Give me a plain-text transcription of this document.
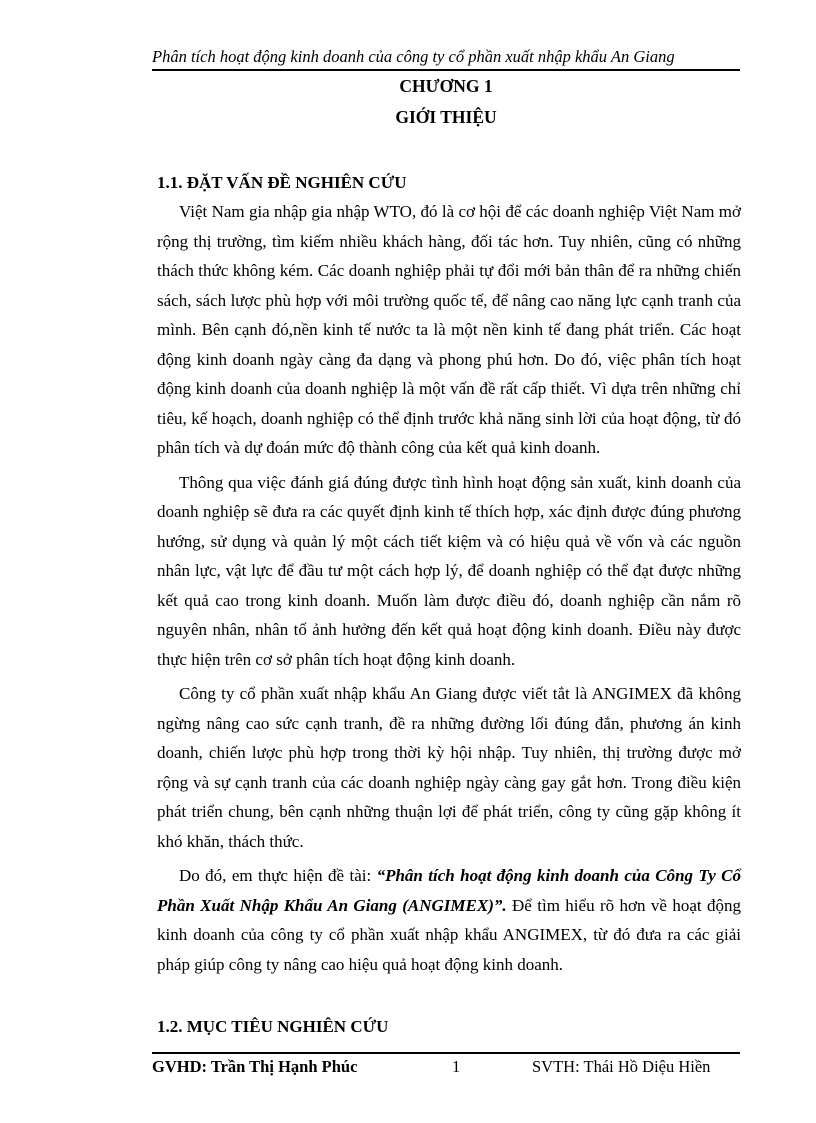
Phân tích hoạt động kinh doanh của công ty cổ phần xuất nhập khẩu An Giang
CHƯƠNG 1
GIỚI THIỆU
1.1. ĐẶT VẤN ĐỀ NGHIÊN CỨU

Việt Nam gia nhập gia nhập WTO, đó là cơ hội để các doanh nghiệp Việt Nam mở rộng thị trường, tìm kiếm nhiều khách hàng, đối tác hơn. Tuy nhiên, cũng có những thách thức không kém. Các doanh nghiệp phải tự đổi mới bản thân để ra những chiến sách, sách lược phù hợp với môi trường quốc tế, để nâng cao năng lực cạnh tranh của mình. Bên cạnh đó,nền kinh tế nước ta là một nền kinh tế đang phát triển. Các hoạt động kinh doanh ngày càng đa dạng và phong phú hơn. Do đó, việc phân tích hoạt động kinh doanh của doanh nghiệp là một vấn đề rất cấp thiết. Vì dựa trên những chỉ tiêu, kế hoạch, doanh nghiệp có thể định trước khả năng sinh lời của hoạt động, từ đó phân tích và dự đoán mức độ thành công của kết quả kinh doanh.

Thông qua việc đánh giá đúng được tình hình hoạt động sản xuất, kinh doanh của doanh nghiệp sẽ đưa ra các quyết định kinh tế thích hợp, xác định được đúng phương hướng, sử dụng và quản lý một cách tiết kiệm và có hiệu quả về vốn và các nguồn nhân lực, vật lực để đầu tư một cách hợp lý, để doanh nghiệp có thể đạt được những kết quả cao trong kinh doanh. Muốn làm được điều đó, doanh nghiệp cần nắm rõ nguyên nhân, nhân tố ảnh hưởng đến kết quả hoạt động kinh doanh. Điều này được thực hiện trên cơ sở phân tích hoạt động kinh doanh.

Công ty cổ phần xuất nhập khẩu An Giang được viết tắt là ANGIMEX đã không ngừng nâng cao sức cạnh tranh, đề ra những đường lối đúng đắn, phương án kinh doanh, chiến lược phù hợp trong thời kỳ hội nhập. Tuy nhiên, thị trường được mở rộng và sự cạnh tranh của các doanh nghiệp ngày càng gay gắt hơn. Trong điều kiện phát triển chung, bên cạnh những thuận lợi để phát triển, công ty cũng gặp không ít khó khăn, thách thức.

Do đó, em thực hiện đề tài: “Phân tích hoạt động kinh doanh của Công Ty Cổ Phần Xuất Nhập Khẩu An Giang (ANGIMEX)”. Để tìm hiểu rõ hơn về hoạt động kinh doanh của công ty cổ phần xuất nhập khẩu ANGIMEX, từ đó đưa ra các giải pháp giúp công ty nâng cao hiệu quả hoạt động kinh doanh.

1.2. MỤC TIÊU NGHIÊN CỨU
GVHD: Trần Thị Hạnh Phúc	1	SVTH: Thái Hồ Diệu Hiền
